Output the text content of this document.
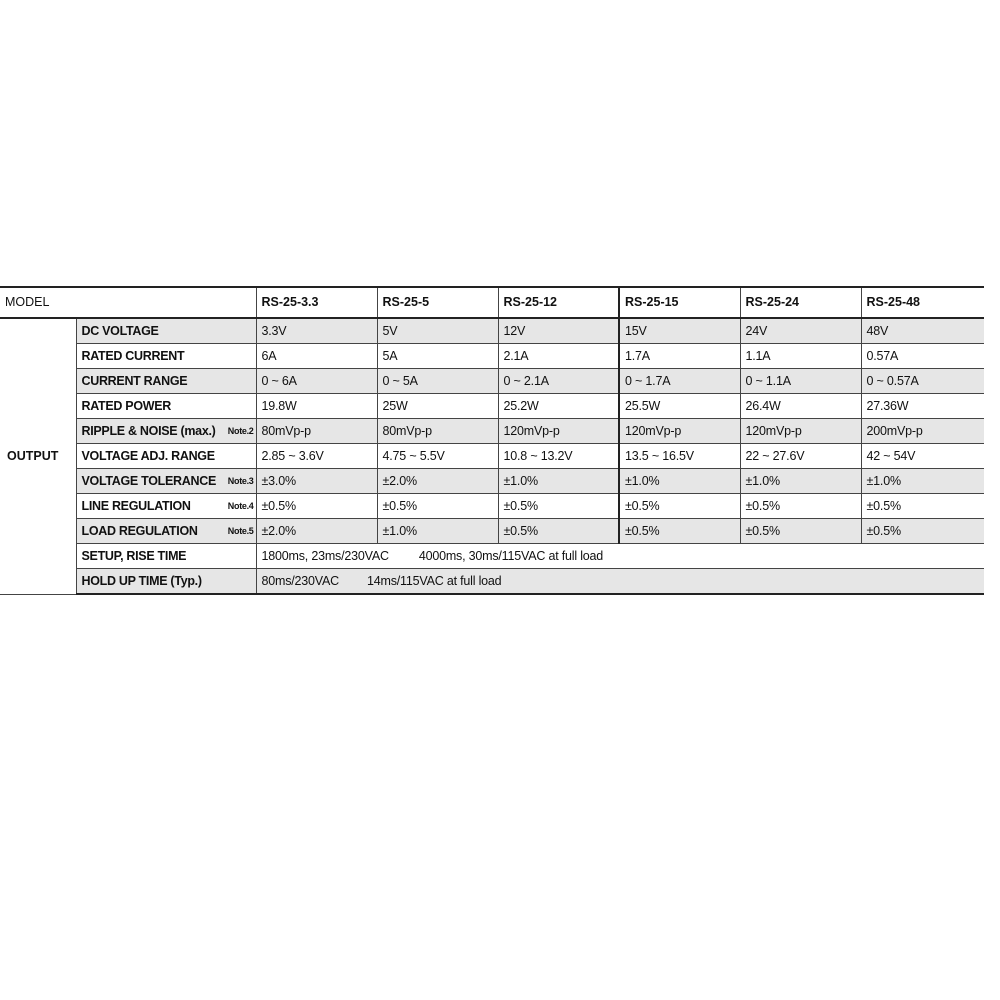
MODEL		RS-25-3.3	RS-25-5	RS-25-12	RS-25-15	RS-25-24	RS-25-48
OUTPUT	DC VOLTAGE	3.3V	5V	12V	15V	24V	48V
	RATED CURRENT	6A	5A	2.1A	1.7A	1.1A	0.57A
	CURRENT RANGE	0 ~ 6A	0 ~ 5A	0 ~ 2.1A	0 ~ 1.7A	0 ~ 1.1A	0 ~ 0.57A
	RATED POWER	19.8W	25W	25.2W	25.5W	26.4W	27.36W
	RIPPLE & NOISE (max.) Note.2	80mVp-p	80mVp-p	120mVp-p	120mVp-p	120mVp-p	200mVp-p
	VOLTAGE ADJ. RANGE	2.85 ~ 3.6V	4.75 ~ 5.5V	10.8 ~ 13.2V	13.5 ~ 16.5V	22 ~ 27.6V	42 ~ 54V
	VOLTAGE TOLERANCE Note.3	±3.0%	±2.0%	±1.0%	±1.0%	±1.0%	±1.0%
	LINE REGULATION Note.4	±0.5%	±0.5%	±0.5%	±0.5%	±0.5%	±0.5%
	LOAD REGULATION Note.5	±2.0%	±1.0%	±0.5%	±0.5%	±0.5%	±0.5%
	SETUP, RISE TIME	1800ms, 23ms/230VAC 4000ms, 30ms/115VAC at full load					
	HOLD UP TIME (Typ.)	80ms/230VAC 14ms/115VAC at full load					
